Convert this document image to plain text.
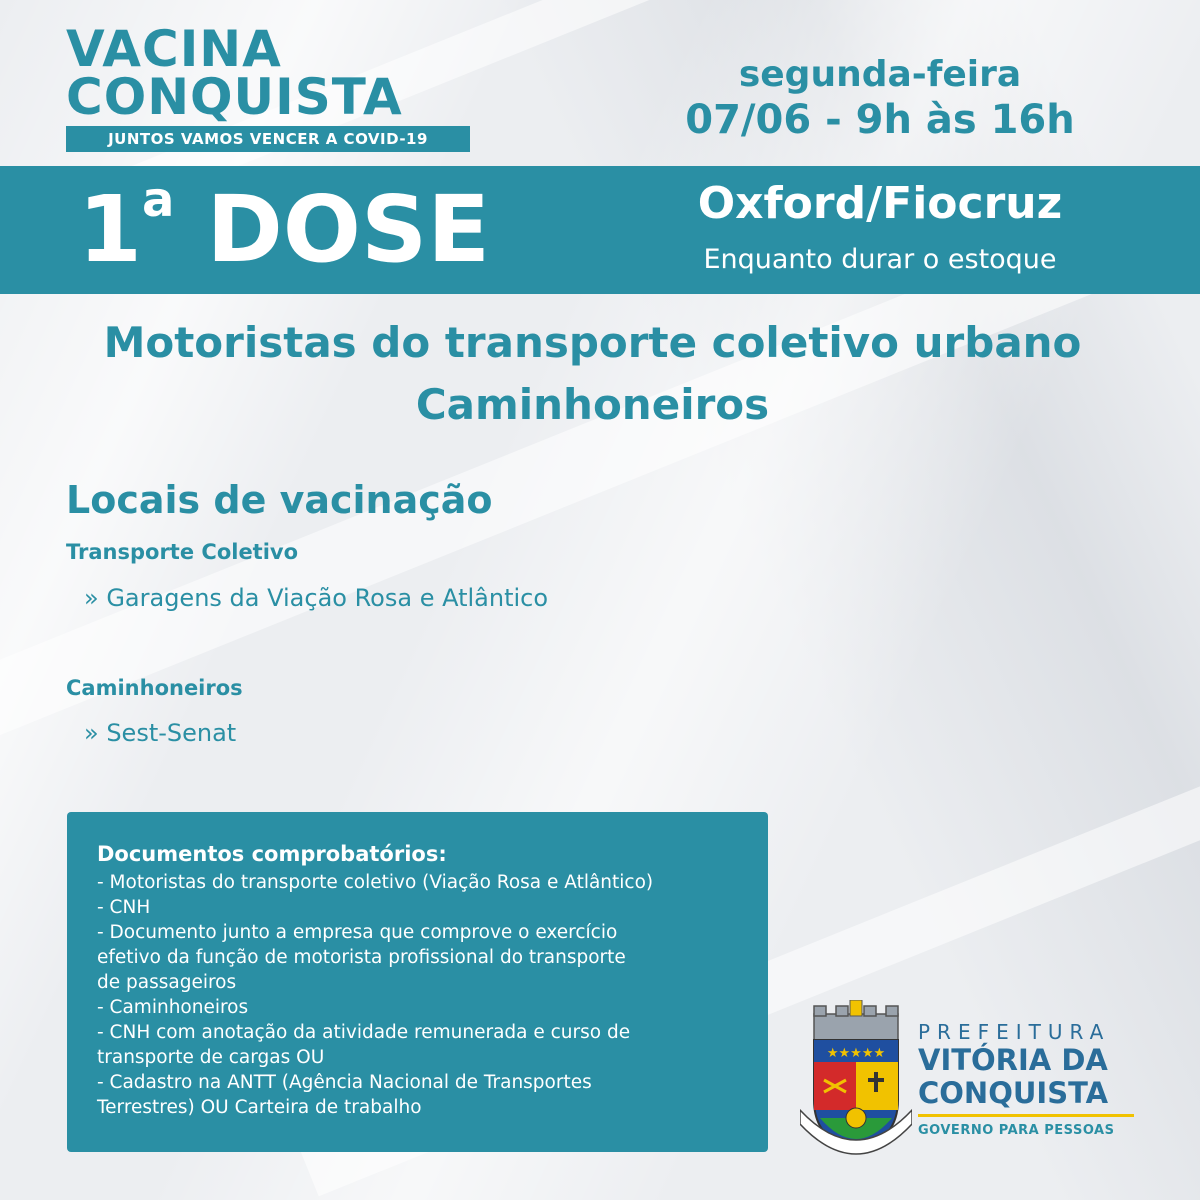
VACINA
CONQUISTA
JUNTOS VAMOS VENCER A COVID-19
segunda-feira
07/06 - 9h às 16h
1$^a$ DOSE	Oxford/Fiocruz
Enquanto durar o estoque
Motoristas do transporte coletivo urbano
Caminhoneiros
Locais de vacinação
Transporte Coletivo
» Garagens da Viação Rosa e Atlântico
Caminhoneiros
» Sest-Senat
Documentos comprobatórios:
- Motoristas do transporte coletivo (Viação Rosa e Atlântico)
- CNH
- Documento junto a empresa que comprove o exercício
efetivo da função de motorista profissional do transporte
de passageiros
- Caminhoneiros
- CNH com anotação da atividade remunerada e curso de
transporte de cargas OU
- Cadastro na ANTT (Agência Nacional de Transportes
Terrestres) OU Carteira de trabalho
★★★★★
PREFEITURA
VITÓRIA DA
CONQUISTA
GOVERNO PARA PESSOAS
